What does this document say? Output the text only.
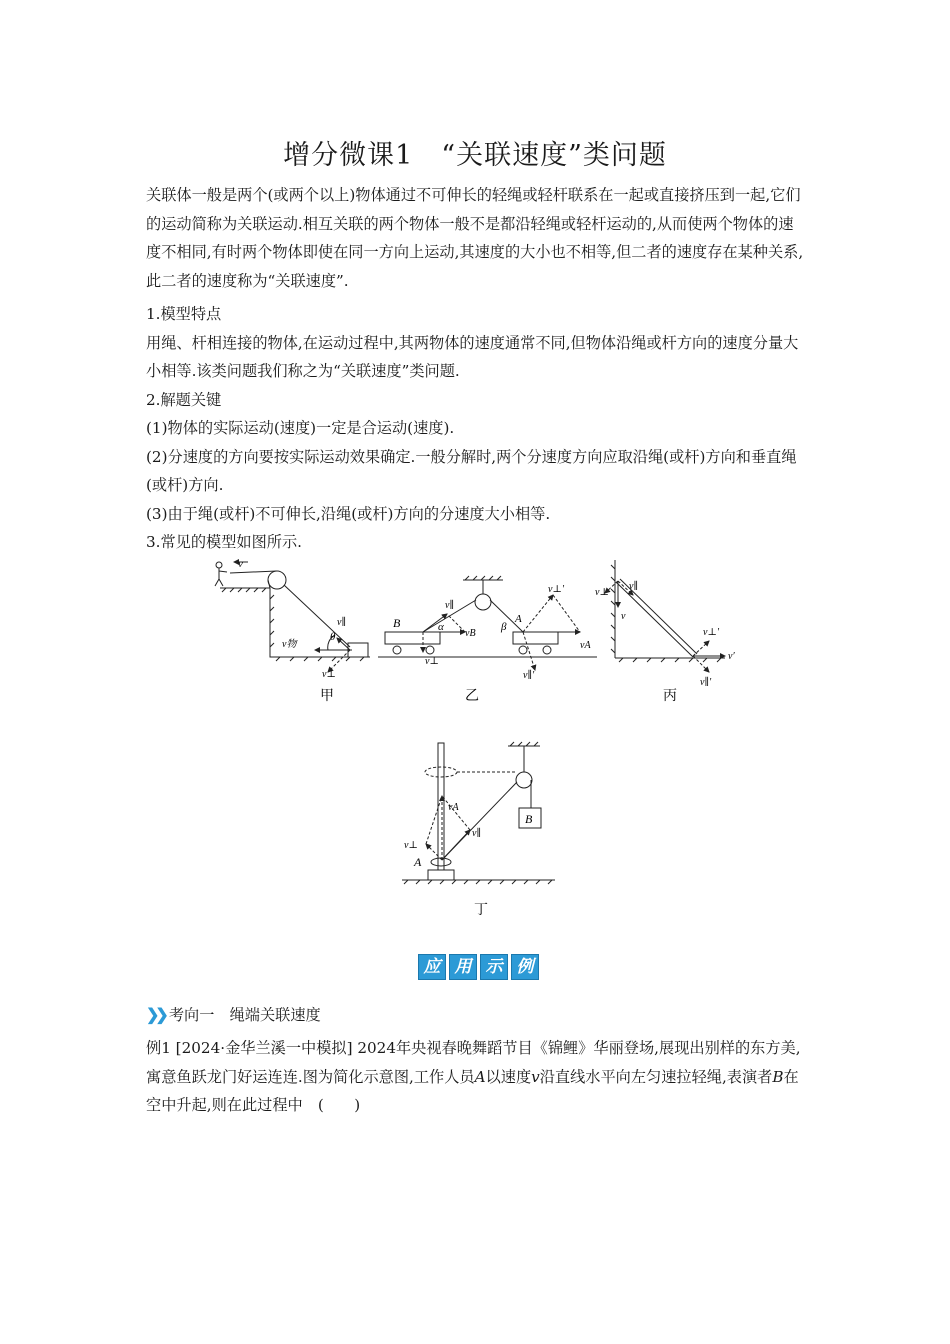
增分微课1　“关联速度”类问题

关联体一般是两个(或两个以上)物体通过不可伸长的轻绳或轻杆联系在一起或直接挤压到一起,它们的运动简称为关联运动.相互关联的两个物体一般不是都沿轻绳或轻杆运动的,从而使两个物体的速度不相同,有时两个物体即使在同一方向上运动,其速度的大小也不相等,但二者的速度存在某种关系,此二者的速度称为“关联速度”.

1.模型特点

用绳、杆相连接的物体,在运动过程中,其两物体的速度通常不同,但物体沿绳或杆方向的速度分量大小相等.该类问题我们称之为“关联速度”类问题.

2.解题关键

(1)物体的实际运动(速度)一定是合运动(速度).

(2)分速度的方向要按实际运动效果确定.一般分解时,两个分速度方向应取沿绳(或杆)方向和垂直绳(或杆)方向.

(3)由于绳(或杆)不可伸长,沿绳(或杆)方向的分速度大小相等.

3.常见的模型如图所示.

v
v∥
v物
θ
v⊥
甲
B
v∥
α
vB
v⊥
A
β
v⊥′
vA
v∥′
乙
v⊥
v∥
v
v⊥′
v′
v∥′
丙
vA
v∥
v⊥
A
B
丁
应 用 示 例
❯❯ 考向一　绳端关联速度
例1 [2024·金华兰溪一中模拟] 2024年央视春晚舞蹈节目《锦鲤》华丽登场,展现出别样的东方美,寓意鱼跃龙门好运连连.图为简化示意图,工作人员A以速度v沿直线水平向左匀速拉轻绳,表演者B在空中升起,则在此过程中　(　　)
